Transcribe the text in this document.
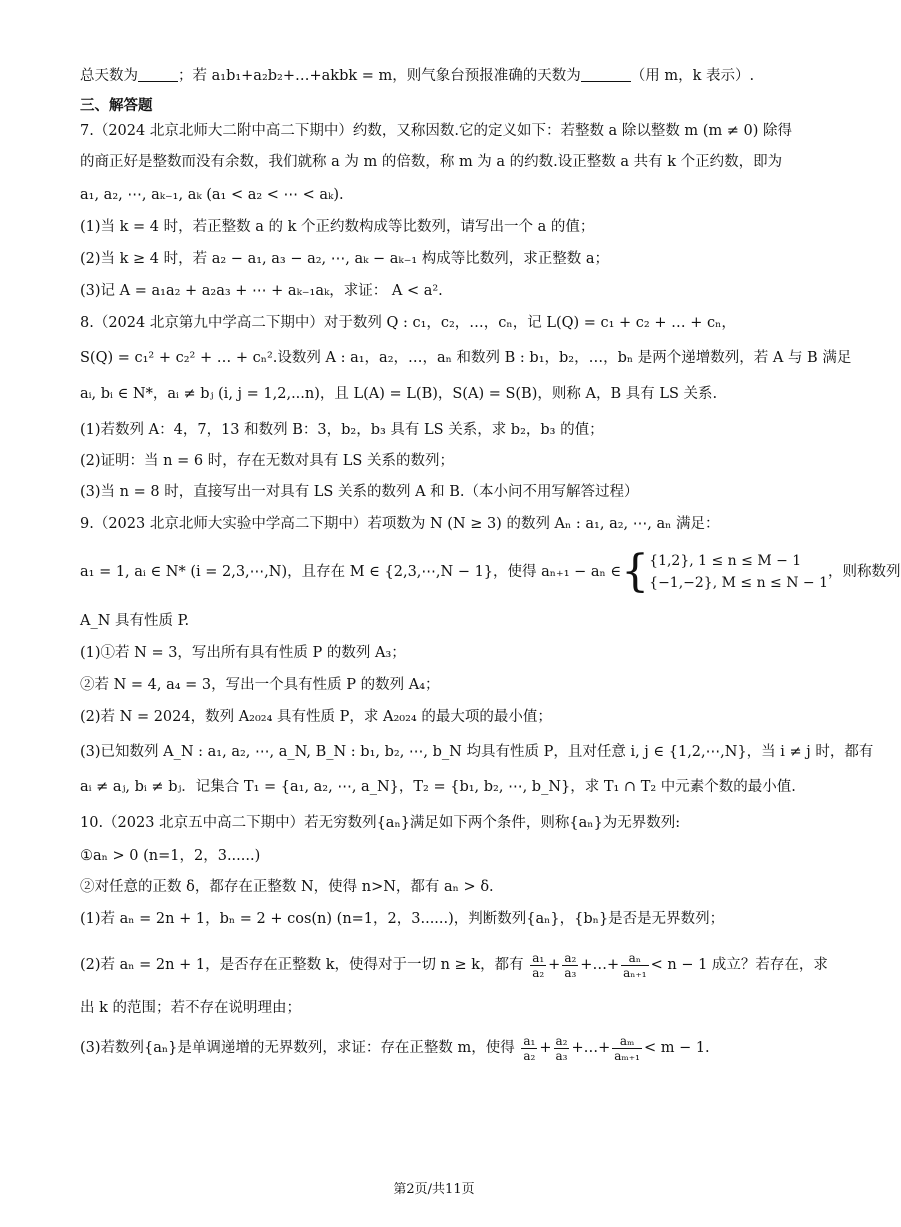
总天数为	；若 a₁b₁+a₂b₂+…+akbk = m，则气象台预报准确的天数为	（用 m，k 表示）.
三、解答题
7.（2024 北京北师大二附中高二下期中）约数，又称因数.它的定义如下：若整数 a 除以整数 m (m ≠ 0) 除得
的商正好是整数而没有余数，我们就称 a 为 m 的倍数，称 m 为 a 的约数.设正整数 a 共有 k 个正约数，即为
a₁, a₂, ⋯, aₖ₋₁, aₖ (a₁ < a₂ < ⋯ < aₖ).
(1)当 k = 4 时，若正整数 a 的 k 个正约数构成等比数列，请写出一个 a 的值；
(2)当 k ≥ 4 时，若 a₂ − a₁, a₃ − a₂, ⋯, aₖ − aₖ₋₁ 构成等比数列，求正整数 a；
(3)记 A = a₁a₂ + a₂a₃ + ⋯ + aₖ₋₁aₖ，求证： A < a².
8.（2024 北京第九中学高二下期中）对于数列 Q : c₁，c₂，…，cₙ，记 L(Q) = c₁ + c₂ + … + cₙ，
S(Q) = c₁² + c₂² + … + cₙ².设数列 A : a₁，a₂，…，aₙ 和数列 B : b₁，b₂，…，bₙ 是两个递增数列，若 A 与 B 满足
aᵢ, bᵢ ∈ N*，aᵢ ≠ bⱼ (i, j = 1,2,...n)，且 L(A) = L(B)，S(A) = S(B)，则称 A，B 具有 LS 关系.
(1)若数列 A：4，7，13 和数列 B：3，b₂，b₃ 具有 LS 关系，求 b₂，b₃ 的值；
(2)证明：当 n = 6 时，存在无数对具有 LS 关系的数列；
(3)当 n = 8 时，直接写出一对具有 LS 关系的数列 A 和 B.（本小问不用写解答过程）
9.（2023 北京北师大实验中学高二下期中）若项数为 N (N ≥ 3) 的数列 Aₙ : a₁, a₂, ⋯, aₙ 满足：
a₁ = 1, aᵢ ∈ N* (i = 2,3,⋯,N)，且存在 M ∈ {2,3,⋯,N − 1}，使得 aₙ₊₁ − aₙ ∈{ {1,2}, 1 ≤ n ≤ M − 1
{−1,−2}, M ≤ n ≤ N − 1
，则称数列
A_N 具有性质 P.
(1)①若 N = 3，写出所有具有性质 P 的数列 A₃；
②若 N = 4, a₄ = 3，写出一个具有性质 P 的数列 A₄；
(2)若 N = 2024，数列 A₂₀₂₄ 具有性质 P，求 A₂₀₂₄ 的最大项的最小值；
(3)已知数列 A_N : a₁, a₂, ⋯, a_N, B_N : b₁, b₂, ⋯, b_N 均具有性质 P，且对任意 i, j ∈ {1,2,⋯,N}，当 i ≠ j 时，都有
aᵢ ≠ aⱼ, bᵢ ≠ bⱼ．记集合 T₁ = {a₁, a₂, ⋯, a_N}，T₂ = {b₁, b₂, ⋯, b_N}，求 T₁ ∩ T₂ 中元素个数的最小值.
10.（2023 北京五中高二下期中）若无穷数列{aₙ}满足如下两个条件，则称{aₙ}为无界数列:
①aₙ > 0 (n=1，2，3......)
②对任意的正数 δ，都存在正整数 N，使得 n>N，都有 aₙ > δ.
(1)若 aₙ = 2n + 1，bₙ = 2 + cos(n) (n=1，2，3......)，判断数列{aₙ}，{bₙ}是否是无界数列；
(2)若 aₙ = 2n + 1，是否存在正整数 k，使得对于一切 n ≥ k，都有 $\frac{\text{a₁}}{\text{a₂}} + \frac{\text{a₂}}{\text{a₃}}$ +…+ $\frac{\text{aₙ}}{\text{aₙ₊₁}} < n - 1$ 成立？若存在，求
出 k 的范围；若不存在说明理由；
(3)若数列{aₙ}是单调递增的无界数列，求证：存在正整数 m，使得 $\frac{\text{a₁}}{\text{a₂}} + \frac{\text{a₂}}{\text{a₃}}$ +…+ $\frac{\text{aₘ}}{\text{aₘ₊₁}} < m - 1$.
第2页/共11页
